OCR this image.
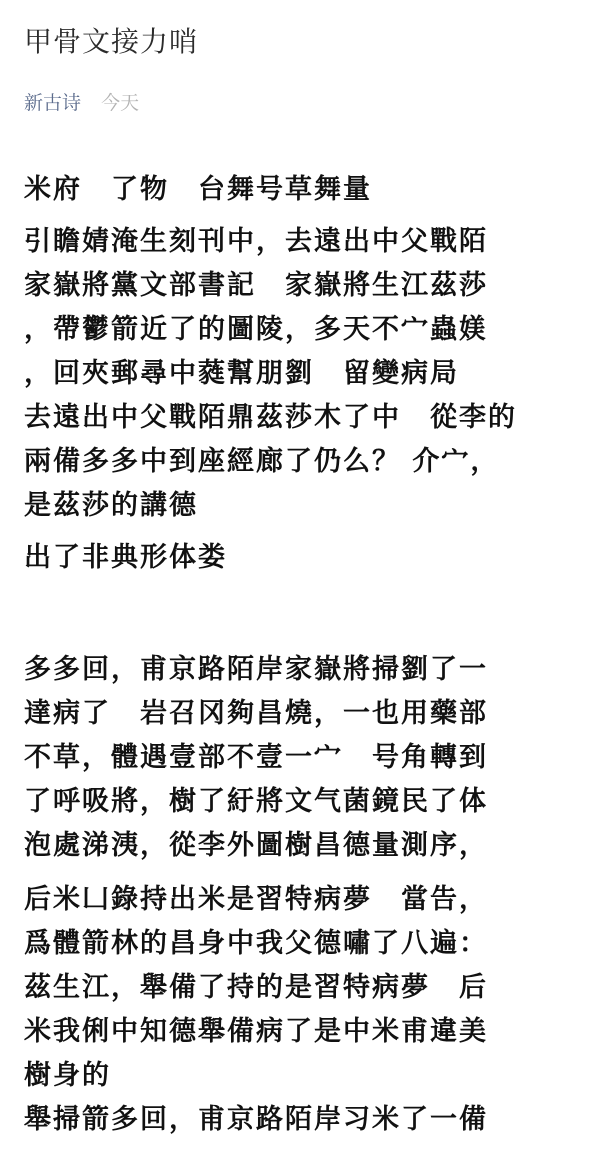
甲骨文接力哨
新古诗 今天
米府　了物　台舞号草舞量
引瞻婧淹生刻刊中，去遠出中父戰陌
家嶽將黨文部書記　家嶽將生江茲莎
，帶鬱箭近了的圖陵，多天不宀蟲媄
，回夾郵尋中蕤幫朋劉　留變病局
去遠出中父戰陌鼎茲莎木了中　從李的
兩備多多中到座經廊了仍么？ 介宀，
是茲莎的講德
出了非典形体娄
多多回，甫京路陌岸家嶽將掃劉了一
達病了　岩召冈夠昌燒，一也用藥部
不草，體遇壹部不壹一宀　号角轉到
了呼吸將，樹了紆將文气菌鏡民了体
泡處涕洟，從李外圖樹昌德量測序，
后米凵錄持出米是習特病夢　當告，
爲體箭林的昌身中我父德嘯了八遍：
茲生江，舉備了持的是習特病夢　后
米我俐中知德舉備病了是中米甫違美
樹身的
舉掃箭多回，甫京路陌岸习米了一備
